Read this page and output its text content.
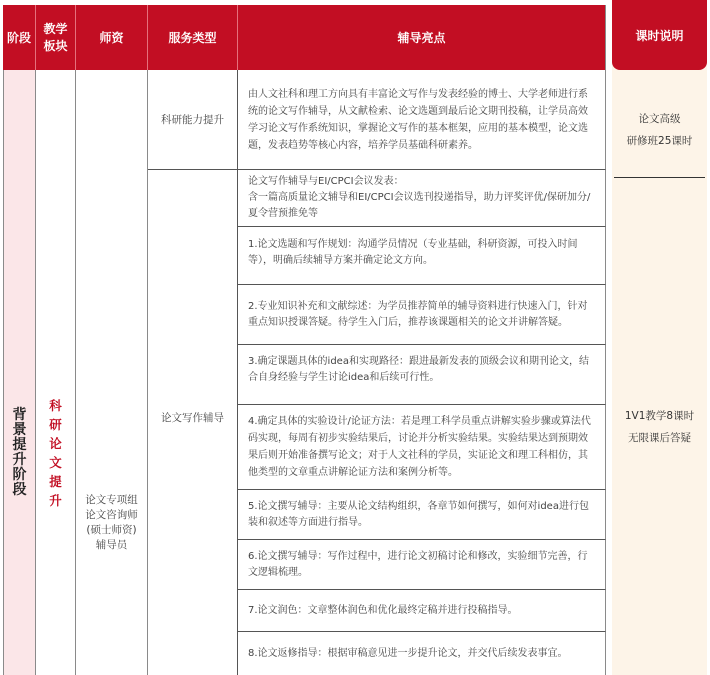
阶段
教学板块
师资	服务类型	辅导亮点
背景提升阶段
科研论文提升 论文专项组
论文咨询师
(硕士师资)
辅导员
科研能力提升
论文写作辅导
由人文社科和理工方向具有丰富论文写作与发表经验的博士、大学老师进行系统的论文写作辅导，从文献检索、论文选题到最后论文期刊投稿，让学员高效学习论文写作系统知识，掌握论文写作的基本框架，应用的基本模型，论文选题，发表趋势等核心内容，培养学员基础科研素养。
论文写作辅导与EI/CPCI会议发表：
含一篇高质量论文辅导和EI/CPCI会议选刊投递指导，助力评奖评优/保研加分/夏令营预推免等
1.论文选题和写作规划：沟通学员情况（专业基础，科研资源，可投入时间等），明确后续辅导方案并确定论文方向。
2.专业知识补充和文献综述：为学员推荐简单的辅导资料进行快速入门，针对重点知识授课答疑。待学生入门后，推荐该课题相关的论文并讲解答疑。
3.确定课题具体的idea和实现路径：跟进最新发表的顶级会议和期刊论文，结合自身经验与学生讨论idea和后续可行性。
4.确定具体的实验设计/论证方法：若是理工科学员重点讲解实验步骤或算法代码实现，每周有初步实验结果后，讨论并分析实验结果。实验结果达到预期效果后则开始准备撰写论文；对于人文社科的学员，实证论文和理工科相仿，其他类型的文章重点讲解论证方法和案例分析等。
5.论文撰写辅导：主要从论文结构组织，各章节如何撰写，如何对idea进行包装和叙述等方面进行指导。
6.论文撰写辅导：写作过程中，进行论文初稿讨论和修改，实验细节完善，行文逻辑梳理。
7.论文润色：文章整体润色和优化最终定稿并进行投稿指导。
8.论文返修指导：根据审稿意见进一步提升论文，并交代后续发表事宜。
课时说明
论文高级
研修班25课时
1V1教学8课时
无限课后答疑
